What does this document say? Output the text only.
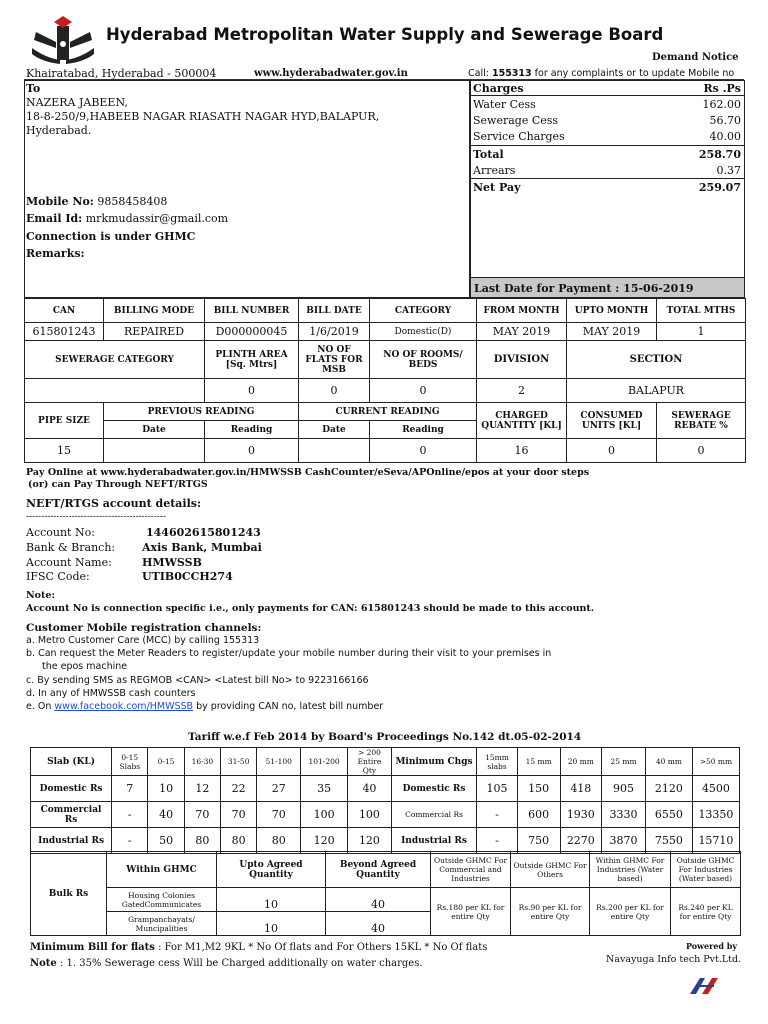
Hyderabad Metropolitan Water Supply and Sewerage Board
Demand Notice
Khairatabad, Hyderabad - 500004	www.hyderabadwater.gov.in	Call: 155313 for any complaints or to update Mobile no
To
NAZERA JABEEN,
18-8-250/9,HABEEB NAGAR RIASATH NAGAR HYD,BALAPUR,
Hyderabad.
Mobile No: 9858458408
Email Id: mrkmudassir@gmail.com
Connection is under GHMC
Remarks:
Charges	Rs .Ps
Water Cess	162.00
Sewerage Cess	56.70
Service Charges	40.00
Total	258.70
Arrears	0.37
Net Pay	259.07
Last Date for Payment : 15-06-2019
CAN	BILLING MODE	BILL NUMBER	BILL DATE	CATEGORY	FROM MONTH	UPTO MONTH	TOTAL MTHS
615801243	REPAIRED	D000000045	1/6/2019	Domestic(D)	MAY 2019	MAY 2019	1
SEWERAGE CATEGORY	PLINTH AREA [Sq. Mtrs]	NO OF FLATS FOR MSB	NO OF ROOMS/ BEDS	DIVISION	SECTION
	0	0	0	2	BALAPUR
PIPE SIZE	PREVIOUS READING		CURRENT READING		CHARGED QUANTITY [KL]	CONSUMED UNITS [KL]	SEWERAGE REBATE %
	Date	Reading	Date	Reading			
15		0		0	16	0	0
Pay Online at www.hyderabadwater.gov.in/HMWSSB CashCounter/eSeva/APOnline/epos at your door steps
(or) can Pay Through NEFT/RTGS
NEFT/RTGS account details:
----------------------------------------------
Account No:	144602615801243
Bank & Branch: Axis Bank, Mumbai
Account Name:	HMWSSB
IFSC Code:	UTIB0CCH274
Note:
Account No is connection specific i.e., only payments for CAN: 615801243 should be made to this account.
Customer Mobile registration channels:
a. Metro Customer Care (MCC) by calling 155313
b. Can request the Meter Readers to register/update your mobile number during their visit to your premises in
the epos machine
c. By sending SMS as REGMOB <CAN> <Latest bill No> to 9223166166
d. In any of HMWSSB cash counters
e. On www.facebook.com/HMWSSB by providing CAN no, latest bill number
Tariff w.e.f Feb 2014 by Board's Proceedings No.142 dt.05-02-2014
Slab (KL)	0-15 Slabs	0-15	16-30	31-50	51-100	101-200	> 200 Entire Qty	Minimum Chgs	15mm slabs	15 mm	20 mm	25 mm	40 mm	>50 mm
Domestic Rs	7	10	12	22	27	35	40	Domestic Rs	105	150	418	905	2120	4500
Commercial Rs	-	40	70	70	70	100	100	Commercial Rs	-	600	1930	3330	6550	13350
Industrial Rs	-	50	80	80	80	120	120	Industrial Rs	-	750	2270	3870	7550	15710
Bulk Rs	Within GHMC	Upto Agreed Quantity	Beyond Agreed Quantity	Outside GHMC For Commercial and Industries	Outside GHMC For Others	Within GHMC For Industries (Water based)	Outside GHMC For Industries (Water based)
	Housing Colonies GatedCommunicates	10	40	Rs.180 per KL for entire Qty	Rs.90 per KL for entire Qty	Rs.200 per KL for entire Qty	Rs.240 per KL for entire Qty
	Grampanchayats/ Muncipalities	10	40				
Minimum Bill for flats : For M1,M2 9KL * No Of flats and For Others 15KL * No Of flats
Note : 1. 35% Sewerage cess Will be Charged additionally on water charges.
Powered by
Navayuga Info tech Pvt.Ltd.
